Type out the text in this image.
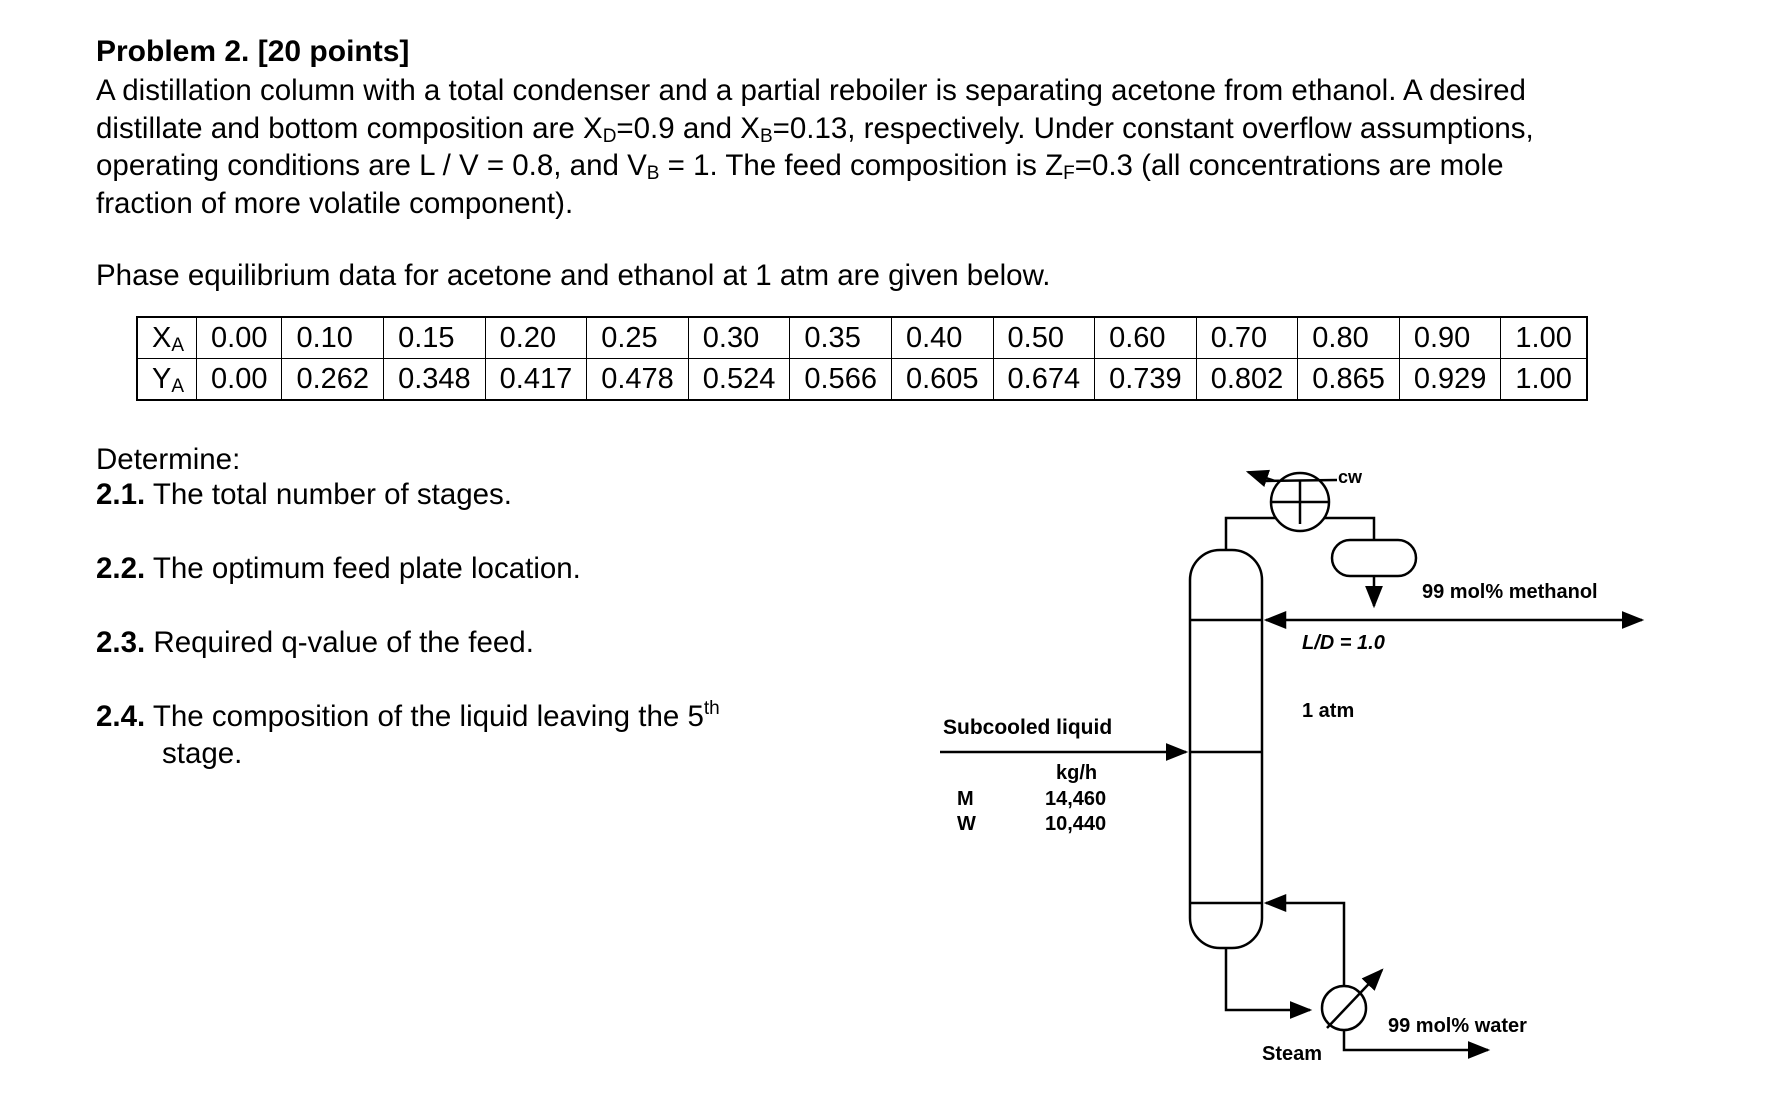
Problem 2. [20 points]

A distillation column with a total condenser and a partial reboiler is separating acetone from ethanol. A desired

distillate and bottom composition are $X_D=0.9$ and $X_B=0.13$, respectively. Under constant overflow assumptions,

operating conditions are L / V = 0.8, and $V_B = 1$. The feed composition is $Z_F=0.3$ (all concentrations are mole

fraction of more volatile component).

Phase equilibrium data for acetone and ethanol at 1 atm are given below.
$X_A$	0.00	0.10	0.15	0.20	0.25	0.30	0.35	0.40	0.50	0.60	0.70	0.80	0.90	1.00
$Y_A$	0.00	0.262	0.348	0.417	0.478	0.524	0.566	0.605	0.674	0.739	0.802	0.865	0.929	1.00
Determine:
2.1. The total number of stages.
2.2. The optimum feed plate location.
2.3. Required q-value of the feed.
2.4. The composition of the liquid leaving the 5th
stage.
cw
99 mol% methanol
L/D = 1.0
1 atm
Subcooled liquid
kg/h
M	14,460
W	10,440
99 mol% water
Steam
